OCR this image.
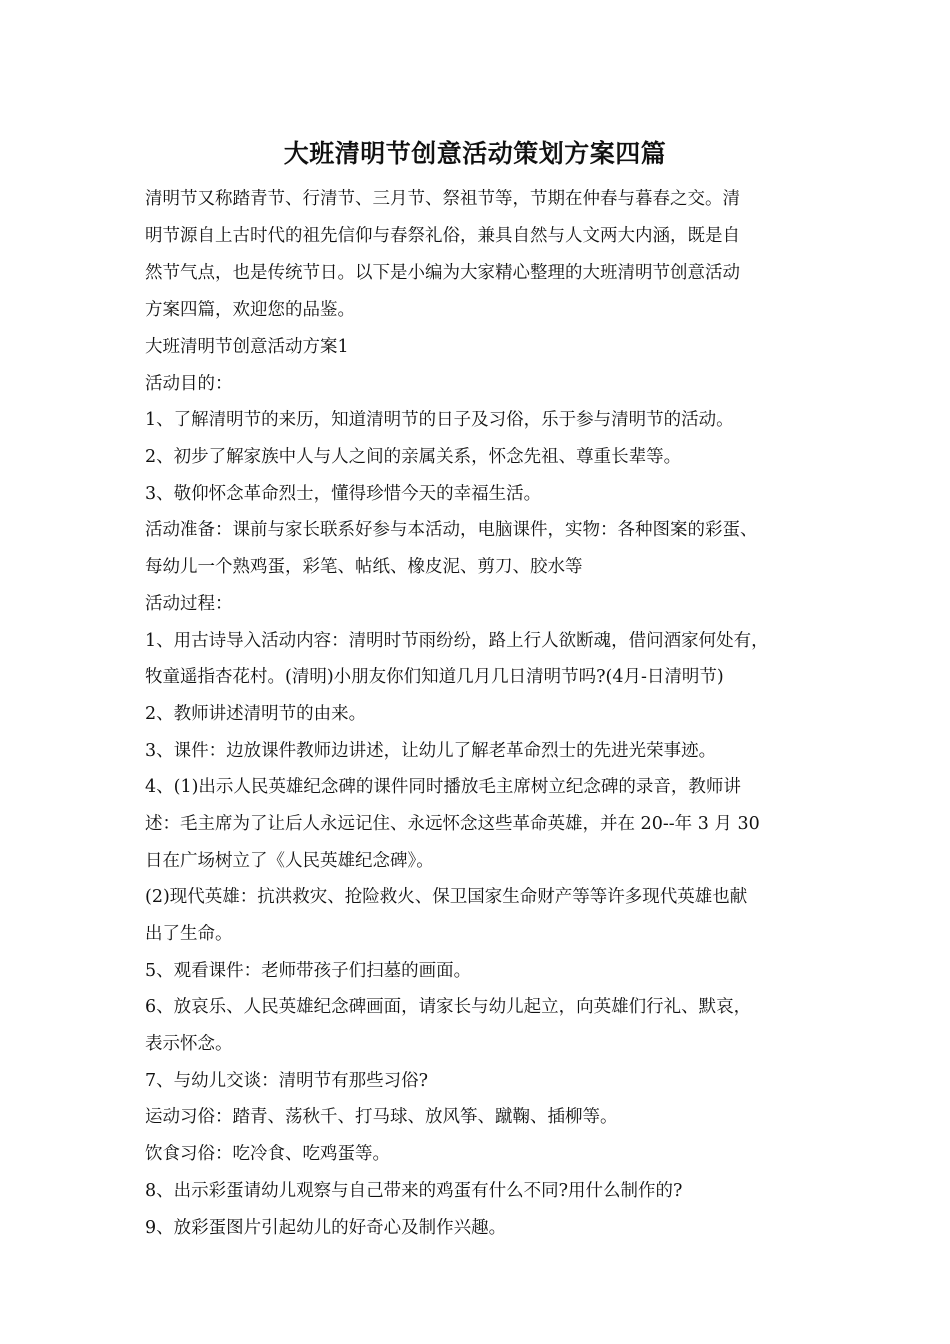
大班清明节创意活动策划方案四篇
清明节又称踏青节、行清节、三月节、祭祖节等，节期在仲春与暮春之交。清
明节源自上古时代的祖先信仰与春祭礼俗，兼具自然与人文两大内涵，既是自
然节气点，也是传统节日。以下是小编为大家精心整理的大班清明节创意活动
方案四篇，欢迎您的品鉴。
大班清明节创意活动方案1
活动目的：
1、了解清明节的来历，知道清明节的日子及习俗，乐于参与清明节的活动。
2、初步了解家族中人与人之间的亲属关系，怀念先祖、尊重长辈等。
3、敬仰怀念革命烈士，懂得珍惜今天的幸福生活。
活动准备：课前与家长联系好参与本活动，电脑课件，实物：各种图案的彩蛋、
每幼儿一个熟鸡蛋，彩笔、帖纸、橡皮泥、剪刀、胶水等
活动过程：
1、用古诗导入活动内容：清明时节雨纷纷，路上行人欲断魂，借问酒家何处有，
牧童遥指杏花村。(清明)小朋友你们知道几月几日清明节吗?(4月-日清明节)
2、教师讲述清明节的由来。
3、课件：边放课件教师边讲述，让幼儿了解老革命烈士的先进光荣事迹。
4、(1)出示人民英雄纪念碑的课件同时播放毛主席树立纪念碑的录音，教师讲
述：毛主席为了让后人永远记住、永远怀念这些革命英雄，并在 20--年 3 月 30
日在广场树立了《人民英雄纪念碑》。
(2)现代英雄：抗洪救灾、抢险救火、保卫国家生命财产等等许多现代英雄也献
出了生命。
5、观看课件：老师带孩子们扫墓的画面。
6、放哀乐、人民英雄纪念碑画面，请家长与幼儿起立，向英雄们行礼、默哀，
表示怀念。
7、与幼儿交谈：清明节有那些习俗?
运动习俗：踏青、荡秋千、打马球、放风筝、蹴鞠、插柳等。
饮食习俗：吃冷食、吃鸡蛋等。
8、出示彩蛋请幼儿观察与自己带来的鸡蛋有什么不同?用什么制作的?
9、放彩蛋图片引起幼儿的好奇心及制作兴趣。
